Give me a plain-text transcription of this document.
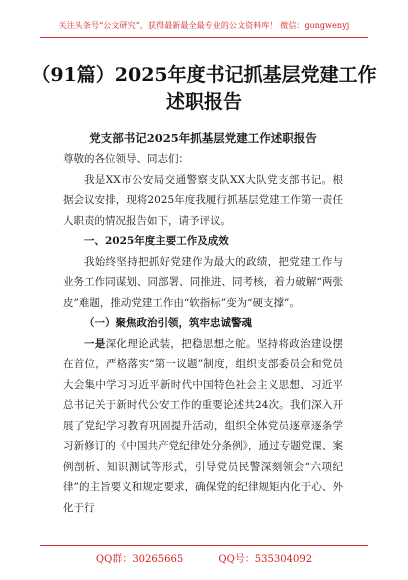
关注头条号“公文研究”，获得最新最全最专业的公文资料库！ 微信：gongwenyj
（91篇）2025年度书记抓基层党建工作
述职报告

党支部书记2025年抓基层党建工作述职报告

尊敬的各位领导、同志们：

我是XX市公安局交通警察支队XX大队党支部书记。根据会议安排，现将2025年度我履行抓基层党建工作第一责任人职责的情况报告如下，请予评议。

一、2025年度主要工作及成效

我始终坚持把抓好党建作为最大的政绩，把党建工作与业务工作同谋划、同部署、同推进、同考核，着力破解“两张皮”难题，推动党建工作由“软指标”变为“硬支撑”。

（一）聚焦政治引领，筑牢忠诚警魂

一是深化理论武装，把稳思想之舵。坚持将政治建设摆在首位，严格落实“第一议题”制度，组织支部委员会和党员大会集中学习习近平新时代中国特色社会主义思想、习近平总书记关于新时代公安工作的重要论述共24次。我们深入开展了党纪学习教育巩固提升活动，组织全体党员逐章逐条学习新修订的《中国共产党纪律处分条例》，通过专题党课、案例剖析、知识测试等形式，引导党员民警深刻领会“六项纪律”的主旨要义和规定要求，确保党的纪律规矩内化于心、外化于行

QQ群：30265665	QQ号：535304092
